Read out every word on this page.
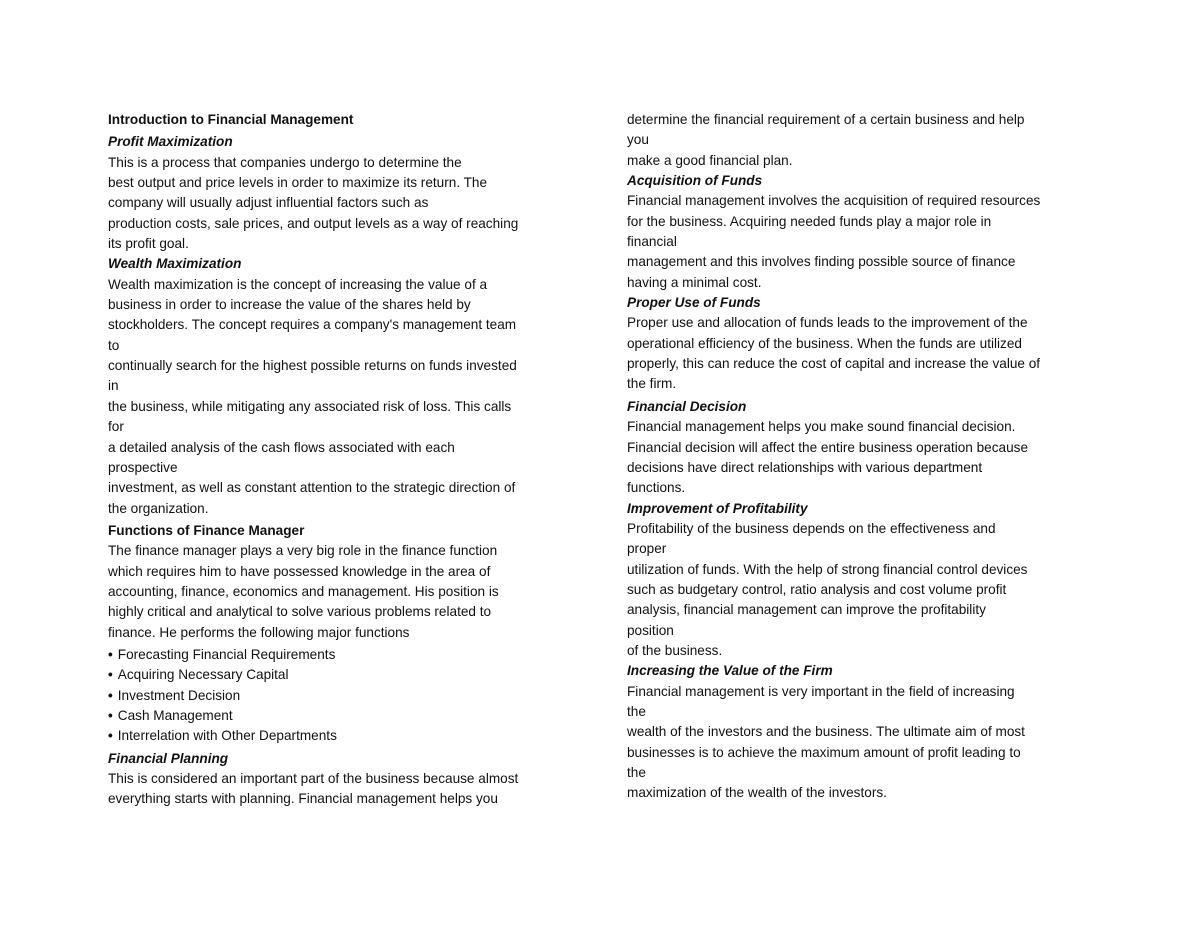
Introduction to Financial Management
Profit Maximization
This is a process that companies undergo to determine the
best output and price levels in order to maximize its return. The
company will usually adjust influential factors such as
production costs, sale prices, and output levels as a way of reaching
its profit goal.
Wealth Maximization
Wealth maximization is the concept of increasing the value of a
business in order to increase the value of the shares held by
stockholders. The concept requires a company's management team
to
continually search for the highest possible returns on funds invested
in
the business, while mitigating any associated risk of loss. This calls
for
a detailed analysis of the cash flows associated with each
prospective
investment, as well as constant attention to the strategic direction of
the organization.
Functions of Finance Manager
The finance manager plays a very big role in the finance function
which requires him to have possessed knowledge in the area of
accounting, finance, economics and management. His position is
highly critical and analytical to solve various problems related to
finance. He performs the following major functions
• Forecasting Financial Requirements
• Acquiring Necessary Capital
• Investment Decision
• Cash Management
• Interrelation with Other Departments
Financial Planning
This is considered an important part of the business because almost
everything starts with planning. Financial management helps you
determine the financial requirement of a certain business and help
you
make a good financial plan.
Acquisition of Funds
Financial management involves the acquisition of required resources
for the business. Acquiring needed funds play a major role in
financial
management and this involves finding possible source of finance
having a minimal cost.
Proper Use of Funds
Proper use and allocation of funds leads to the improvement of the
operational efficiency of the business. When the funds are utilized
properly, this can reduce the cost of capital and increase the value of
the firm.
Financial Decision
Financial management helps you make sound financial decision.
Financial decision will affect the entire business operation because
decisions have direct relationships with various department
functions.
Improvement of Profitability
Profitability of the business depends on the effectiveness and
proper
utilization of funds. With the help of strong financial control devices
such as budgetary control, ratio analysis and cost volume profit
analysis, financial management can improve the profitability
position
of the business.
Increasing the Value of the Firm
Financial management is very important in the field of increasing
the
wealth of the investors and the business. The ultimate aim of most
businesses is to achieve the maximum amount of profit leading to
the
maximization of the wealth of the investors.
